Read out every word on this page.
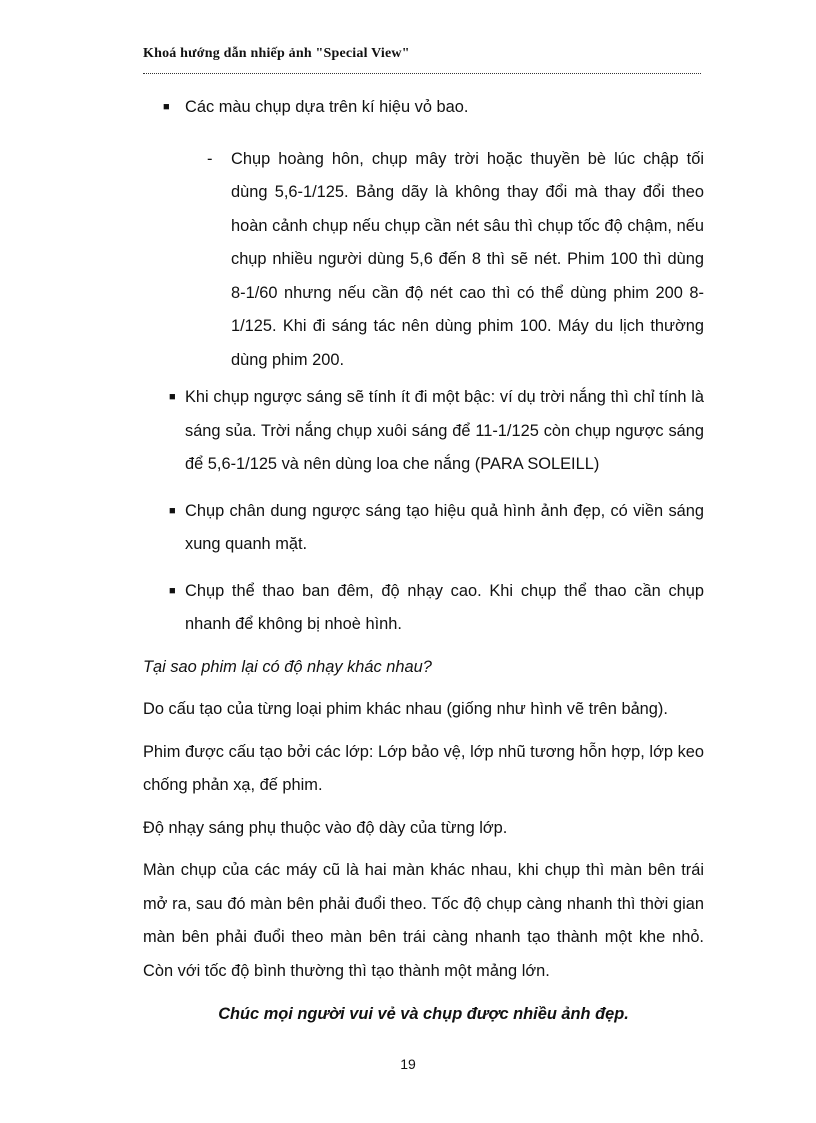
Khoá hướng dẫn nhiếp ảnh "Special View"

■ Các màu chụp dựa trên kí hiệu vỏ bao.

- Chụp hoàng hôn, chụp mây trời hoặc thuyền bè lúc chập tối dùng 5,6-1/125. Bảng dãy là không thay đổi mà thay đổi theo hoàn cảnh chụp nếu chụp cần nét sâu thì chụp tốc độ chậm, nếu chụp nhiều người dùng 5,6 đến 8 thì sẽ nét. Phim 100 thì dùng 8-1/60 nhưng nếu cần độ nét cao thì có thể dùng phim 200 8-1/125. Khi đi sáng tác nên dùng phim 100. Máy du lịch thường dùng phim 200.

■ Khi chụp ngược sáng sẽ tính ít đi một bậc: ví dụ trời nắng thì chỉ tính là sáng sủa. Trời nắng chụp xuôi sáng để 11-1/125 còn chụp ngược sáng để 5,6-1/125 và nên dùng loa che nắng (PARA SOLEILL)

■ Chụp chân dung ngược sáng tạo hiệu quả hình ảnh đẹp, có viền sáng xung quanh mặt.

■ Chụp thể thao ban đêm, độ nhạy cao. Khi chụp thể thao cần chụp nhanh để không bị nhoè hình.

Tại sao phim lại có độ nhạy khác nhau?

Do cấu tạo của từng loại phim khác nhau (giống như hình vẽ trên bảng).

Phim được cấu tạo bởi các lớp: Lớp bảo vệ, lớp nhũ tương hỗn hợp, lớp keo chống phản xạ, đế phim.

Độ nhạy sáng phụ thuộc vào độ dày của từng lớp.

Màn chụp của các máy cũ là hai màn khác nhau, khi chụp thì màn bên trái mở ra, sau đó màn bên phải đuổi theo. Tốc độ chụp càng nhanh thì thời gian màn bên phải đuổi theo màn bên trái càng nhanh tạo thành một khe nhỏ. Còn với tốc độ bình thường thì tạo thành một mảng lớn.

Chúc mọi người vui vẻ và chụp được nhiều ảnh đẹp.

19
